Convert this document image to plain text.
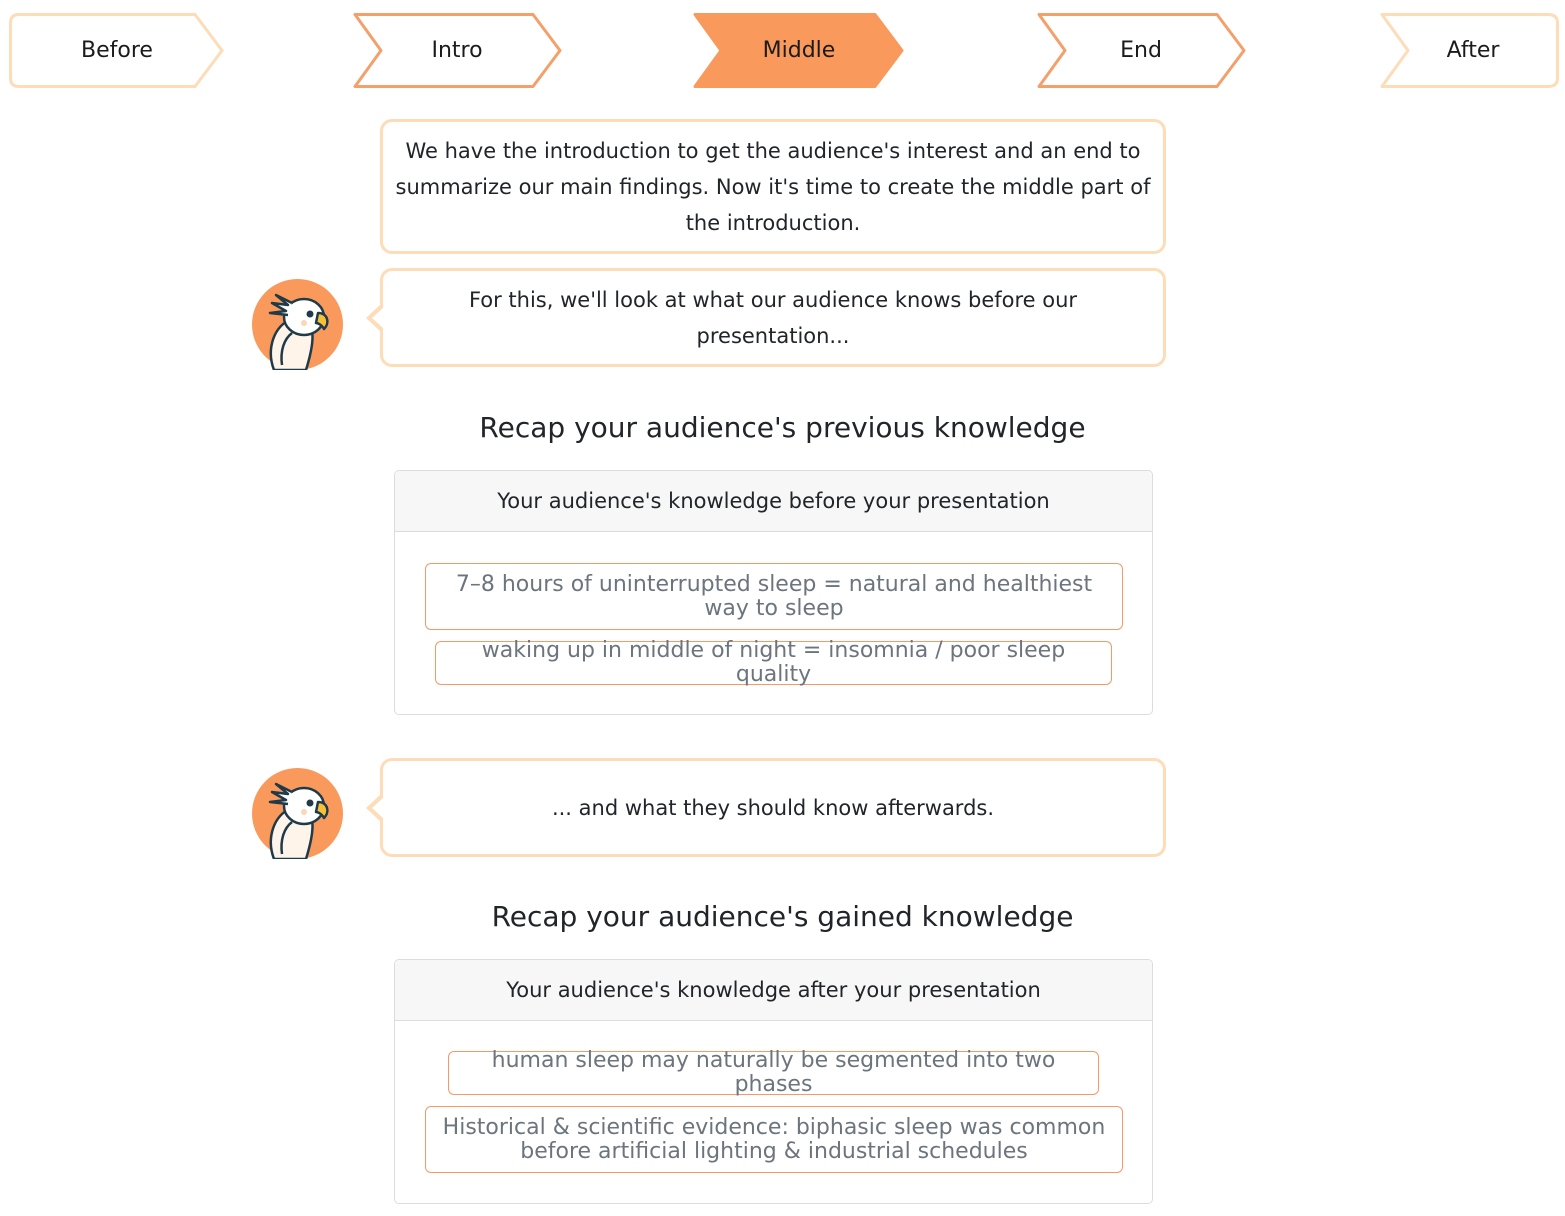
Before	Intro	Middle	End	After
We have the introduction to get the audience's interest and an end to summarize our main findings. Now it's time to create the middle part of the introduction.
For this, we'll look at what our audience knows before our presentation...
Recap your audience's previous knowledge
Your audience's knowledge before your presentation
7–8 hours of uninterrupted sleep = natural and healthiest way to sleep
waking up in middle of night = insomnia / poor sleep quality
... and what they should know afterwards.
Recap your audience's gained knowledge
Your audience's knowledge after your presentation
human sleep may naturally be segmented into two phases
Historical & scientific evidence: biphasic sleep was common before artificial lighting & industrial schedules
